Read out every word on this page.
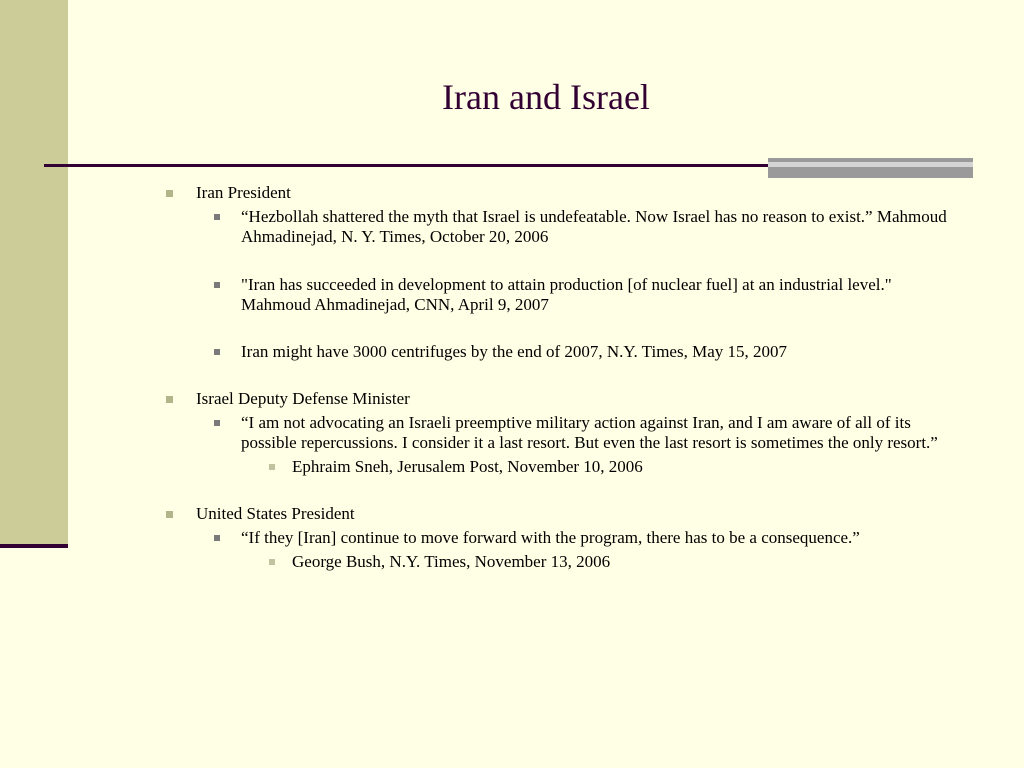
Iran and Israel
Iran President
“Hezbollah shattered the myth that Israel is undefeatable. Now Israel has no reason to exist.” Mahmoud Ahmadinejad, N. Y. Times, October 20, 2006
"Iran has succeeded in development to attain production [of nuclear fuel] at an industrial level." Mahmoud Ahmadinejad, CNN, April 9, 2007
Iran might have 3000 centrifuges by the end of 2007, N.Y. Times, May 15, 2007
Israel Deputy Defense Minister
“I am not advocating an Israeli preemptive military action against Iran, and I am aware of all of its possible repercussions. I consider it a last resort. But even the last resort is sometimes the only resort.”
Ephraim Sneh, Jerusalem Post, November 10, 2006
United States President
“If they [Iran] continue to move forward with the program, there has to be a consequence.”
George Bush, N.Y. Times, November 13, 2006
